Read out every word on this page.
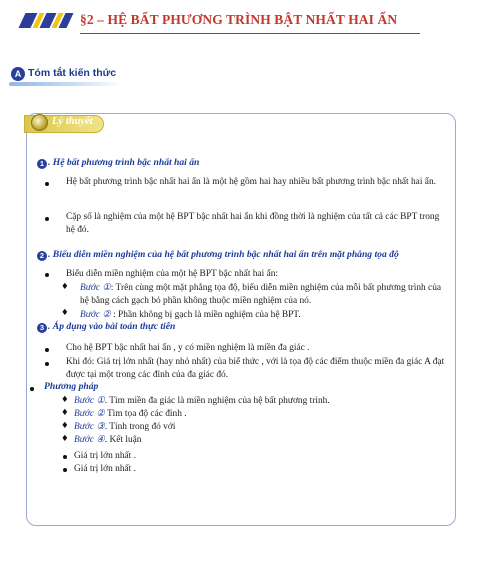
§2 – HỆ BẤT PHƯƠNG TRÌNH BẬT NHẤT HAI ẨN
A Tóm tắt kiến thức
Lý thuyết
1 . Hệ bất phương trình bậc nhất hai ẩn
Hệ bất phương trình bậc nhất hai ẩn là một hệ gồm hai hay nhiều bất phương trình bậc nhất hai ẩn.
Cặp số là nghiệm của một hệ BPT bậc nhất hai ẩn khi đồng thời là nghiệm của tất cả các BPT trong hệ đó.
2 . Biểu diễn miền nghiệm của hệ bất phương trình bậc nhất hai ẩn trên mặt phẳng tọa độ
Biểu diễn miền nghiệm của một hệ BPT bậc nhất hai ẩn:
♦ Bước ①: Trên cùng một mặt phẳng tọa độ, biểu diễn miền nghiệm của mỗi bất phương trình của hệ bằng cách gạch bỏ phần không thuộc miền nghiệm của nó.
♦ Bước ② : Phần không bị gạch là miền nghiệm của hệ BPT.
3 . Áp dụng vào bài toán thực tiễn
Cho hệ BPT bậc nhất hai ẩn , y có miền nghiệm là miền đa giác .
Khi đó: Giá trị lớn nhất (hay nhỏ nhất) của biể thức , với là tọa độ các điểm thuộc miền đa giác A đạt được tại một trong các đỉnh của đa giác đó.
Phương pháp
♦ Bước ①. Tìm miền đa giác là miền nghiệm của hệ bất phương trình.
♦ Bước ② Tìm tọa độ các đỉnh .
♦ Bước ③. Tính trong đó với
♦ Bước ④. Kết luận
Giá trị lớn nhất .
Giá trị lớn nhất .
